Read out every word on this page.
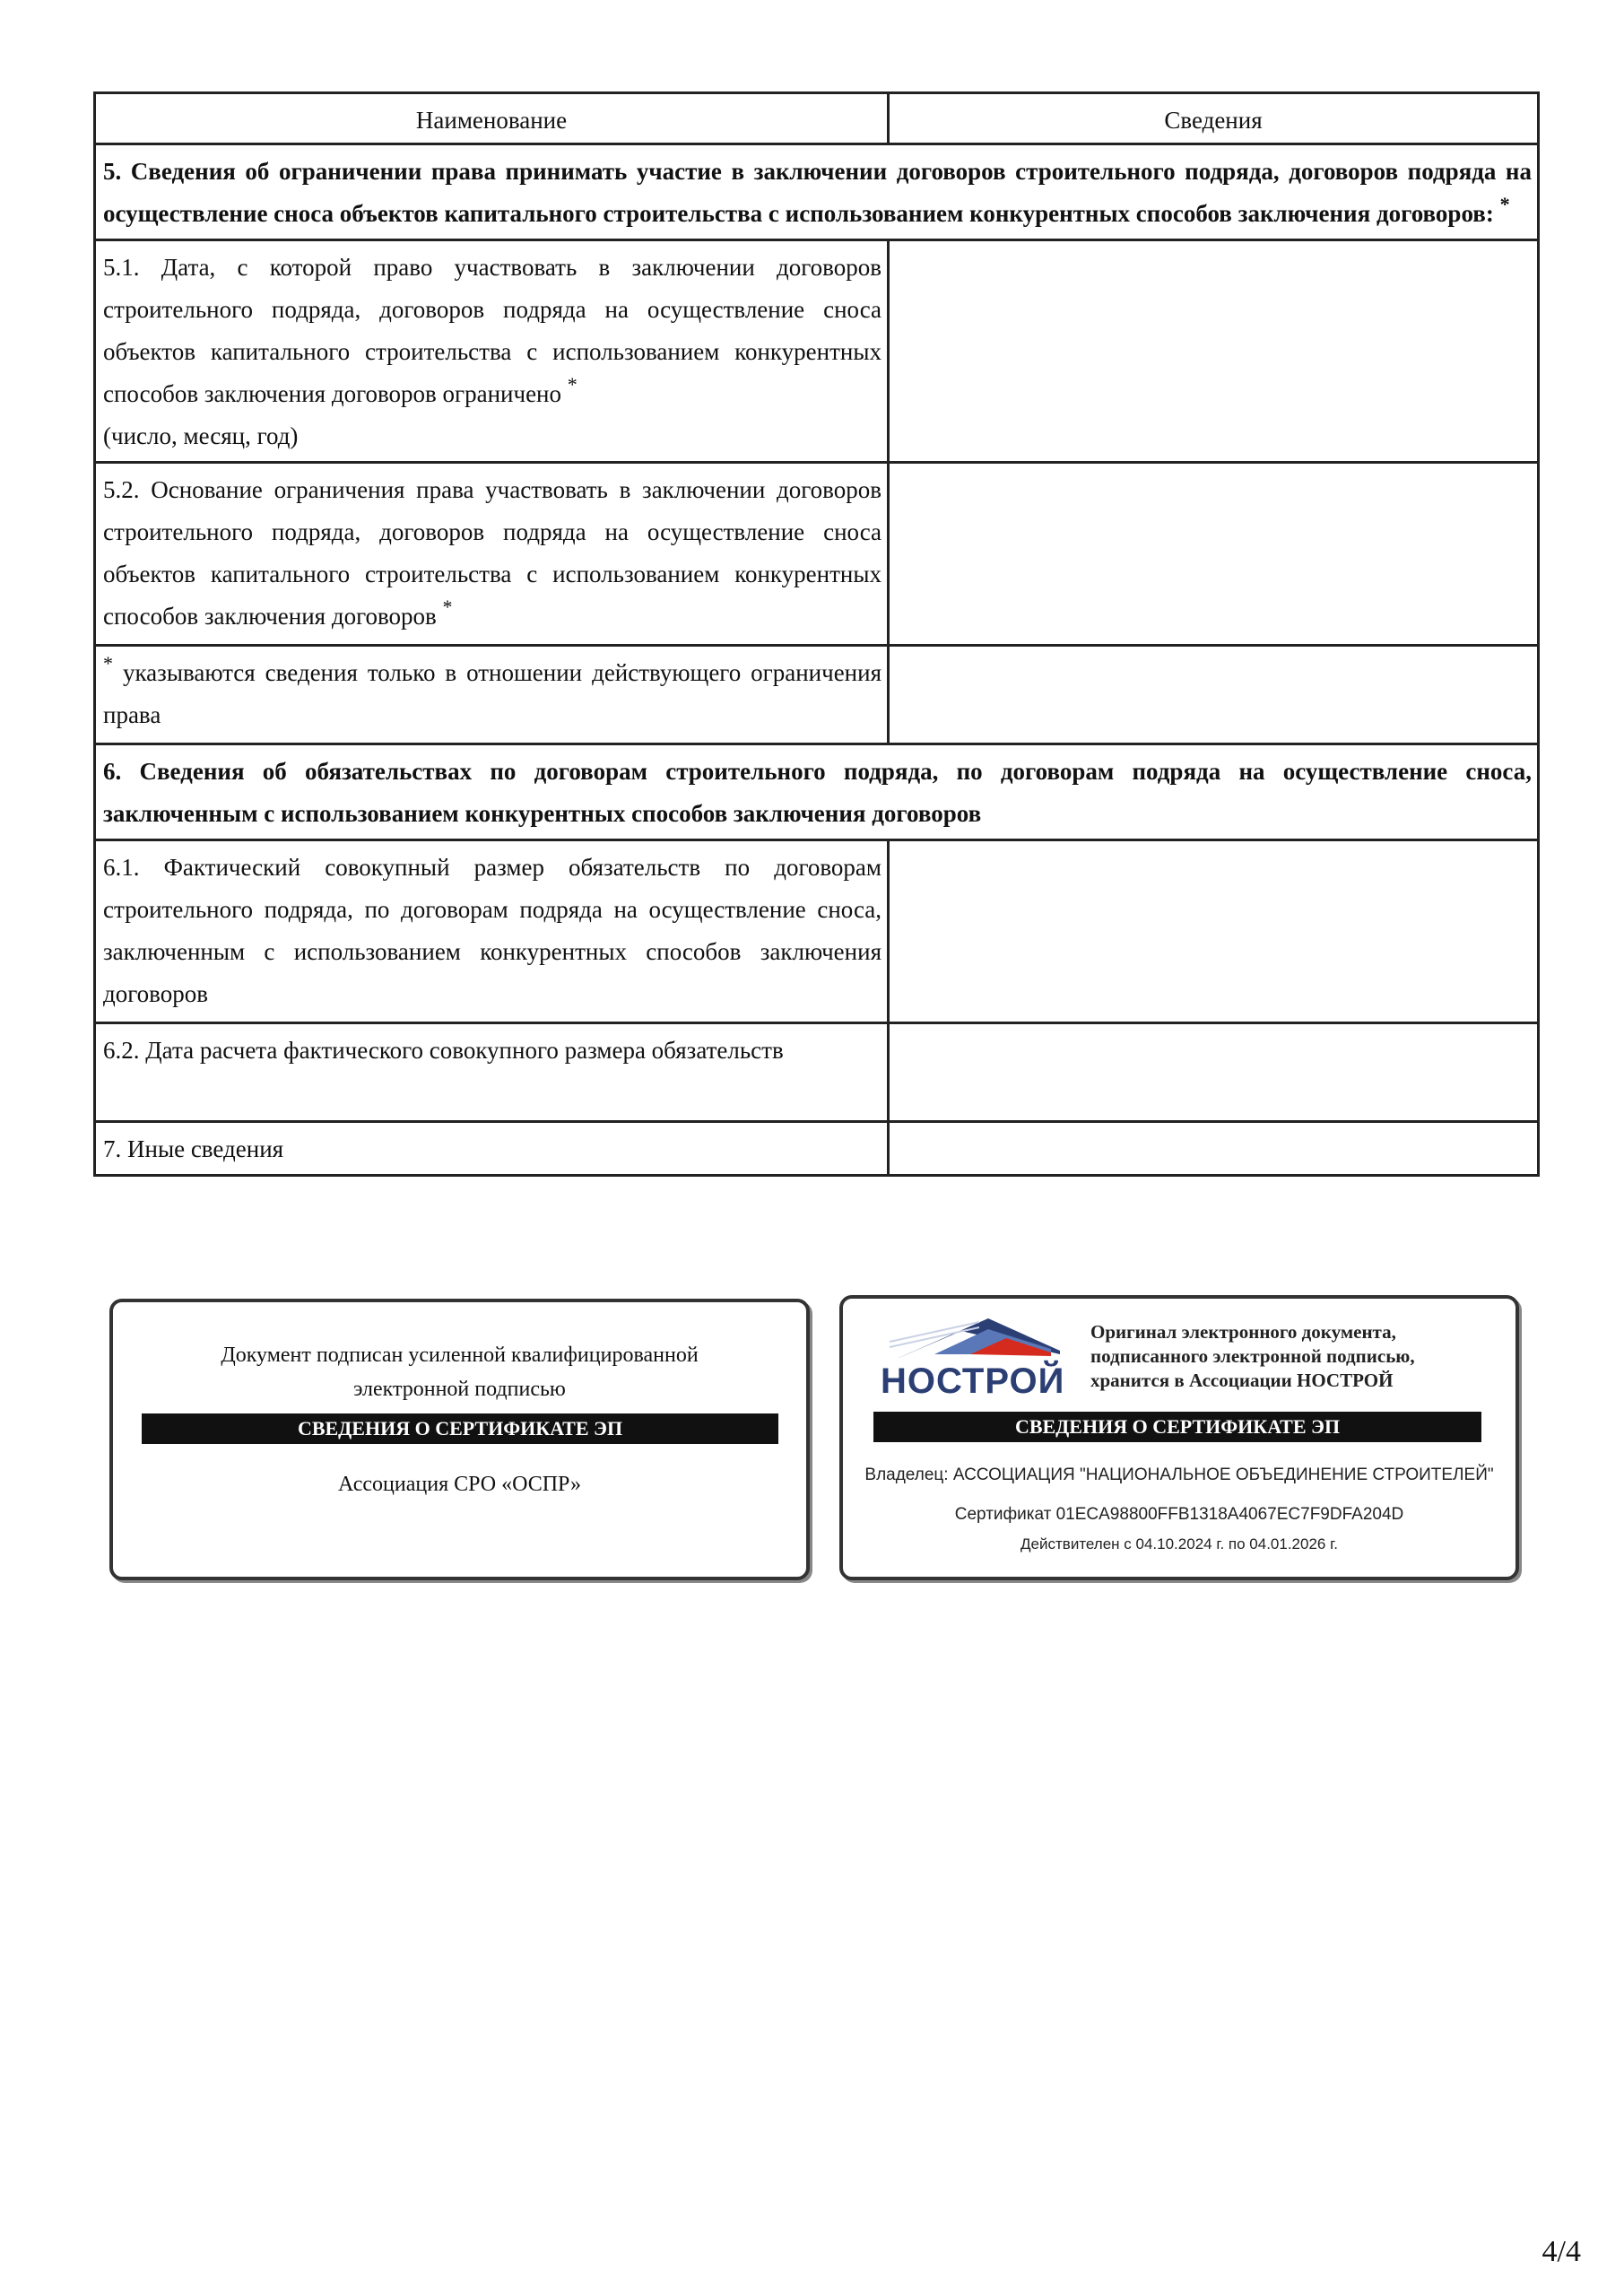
Наименование	Сведения
5. Сведения об ограничении права принимать участие в заключении договоров строительного подряда, договоров подряда на осуществление сноса объектов капитального строительства с использованием конкурентных способов заключения договоров: *
5.1. Дата, с которой право участвовать в заключении договоров строительного подряда, договоров подряда на осуществление сноса объектов капитального строительства с использованием конкурентных способов заключения договоров ограничено *
(число, месяц, год)	
5.2. Основание ограничения права участвовать в заключении договоров строительного подряда, договоров подряда на осуществление сноса объектов капитального строительства с использованием конкурентных способов заключения договоров *	
* указываются сведения только в отношении действующего ограничения права	
6. Сведения об обязательствах по договорам строительного подряда, по договорам подряда на осуществление сноса, заключенным с использованием конкурентных способов заключения договоров	
6.1. Фактический совокупный размер обязательств по договорам строительного подряда, по договорам подряда на осуществление сноса, заключенным с использованием конкурентных способов заключения договоров	
6.2. Дата расчета фактического совокупного размера обязательств	
7. Иные сведения	
Документ подписан усиленной квалифицированной
электронной подписью
СВЕДЕНИЯ О СЕРТИФИКАТЕ ЭП
Ассоциация СРО «ОСПР»
НОСТРОЙ
Оригинал электронного документа,
подписанного электронной подписью,
хранится в Ассоциации НОСТРОЙ
СВЕДЕНИЯ О СЕРТИФИКАТЕ ЭП
Владелец: АССОЦИАЦИЯ "НАЦИОНАЛЬНОЕ ОБЪЕДИНЕНИЕ СТРОИТЕЛЕЙ"
Сертификат 01ECA98800FFB1318A4067EC7F9DFA204D
Действителен с 04.10.2024 г. по 04.01.2026 г.
4/4
